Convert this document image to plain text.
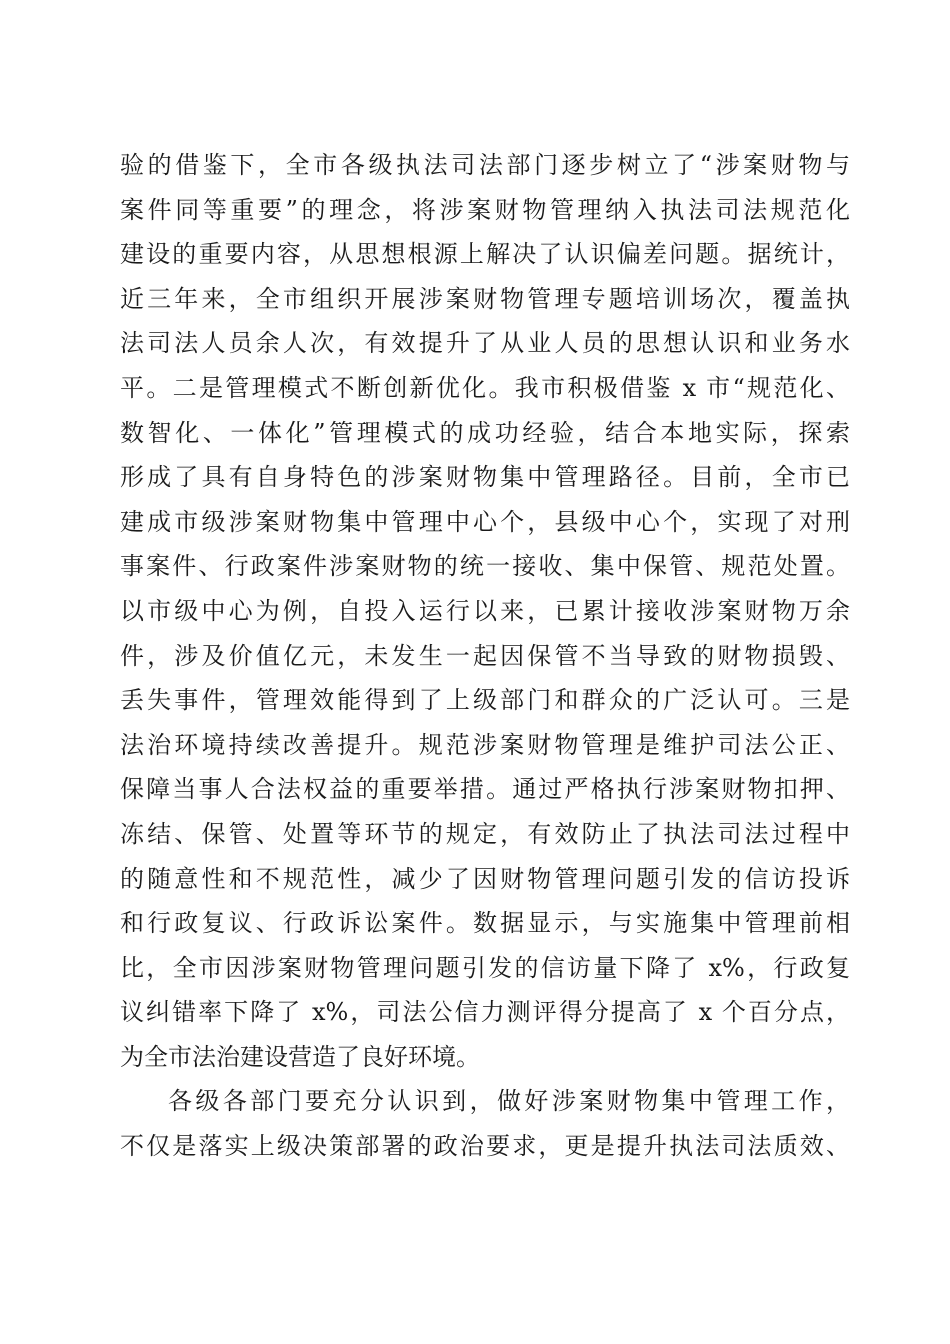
验的借鉴下，全市各级执法司法部门逐步树立了“涉案财物与
案件同等重要”的理念，将涉案财物管理纳入执法司法规范化
建设的重要内容，从思想根源上解决了认识偏差问题。据统计，
近三年来，全市组织开展涉案财物管理专题培训场次，覆盖执
法司法人员余人次，有效提升了从业人员的思想认识和业务水
平。二是管理模式不断创新优化。我市积极借鉴 x 市“规范化、
数智化、一体化”管理模式的成功经验，结合本地实际，探索
形成了具有自身特色的涉案财物集中管理路径。目前，全市已
建成市级涉案财物集中管理中心个，县级中心个，实现了对刑
事案件、行政案件涉案财物的统一接收、集中保管、规范处置。
以市级中心为例，自投入运行以来，已累计接收涉案财物万余
件，涉及价值亿元，未发生一起因保管不当导致的财物损毁、
丢失事件，管理效能得到了上级部门和群众的广泛认可。三是
法治环境持续改善提升。规范涉案财物管理是维护司法公正、
保障当事人合法权益的重要举措。通过严格执行涉案财物扣押、
冻结、保管、处置等环节的规定，有效防止了执法司法过程中
的随意性和不规范性，减少了因财物管理问题引发的信访投诉
和行政复议、行政诉讼案件。数据显示，与实施集中管理前相
比，全市因涉案财物管理问题引发的信访量下降了 x%，行政复
议纠错率下降了 x%，司法公信力测评得分提高了 x 个百分点，
为全市法治建设营造了良好环境。
各级各部门要充分认识到，做好涉案财物集中管理工作，
不仅是落实上级决策部署的政治要求，更是提升执法司法质效、
